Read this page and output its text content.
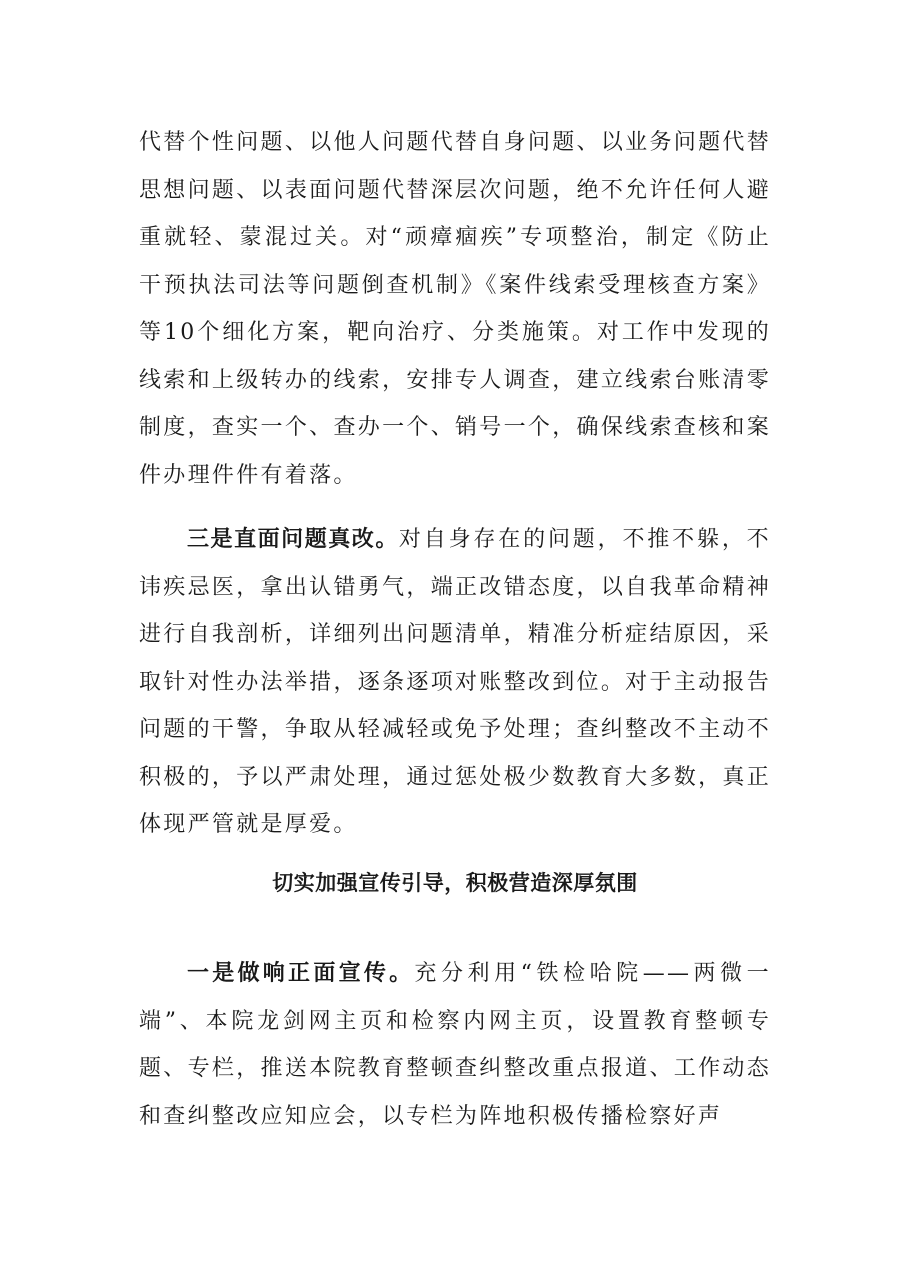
代替个性问题、以他人问题代替自身问题、以业务问题代替思想问题、以表面问题代替深层次问题，绝不允许任何人避重就轻、蒙混过关。对“顽瘴痼疾”专项整治，制定《防止干预执法司法等问题倒查机制》《案件线索受理核查方案》等10个细化方案，靶向治疗、分类施策。对工作中发现的线索和上级转办的线索，安排专人调查，建立线索台账清零制度，查实一个、查办一个、销号一个，确保线索查核和案件办理件件有着落。

三是直面问题真改。对自身存在的问题，不推不躲，不讳疾忌医，拿出认错勇气，端正改错态度，以自我革命精神进行自我剖析，详细列出问题清单，精准分析症结原因，采取针对性办法举措，逐条逐项对账整改到位。对于主动报告问题的干警，争取从轻减轻或免予处理；查纠整改不主动不积极的，予以严肃处理，通过惩处极少数教育大多数，真正体现严管就是厚爱。

切实加强宣传引导，积极营造深厚氛围

一是做响正面宣传。充分利用“铁检哈院——两微一端”、本院龙剑网主页和检察内网主页，设置教育整顿专题、专栏，推送本院教育整顿查纠整改重点报道、工作动态和查纠整改应知应会，以专栏为阵地积极传播检察好声
